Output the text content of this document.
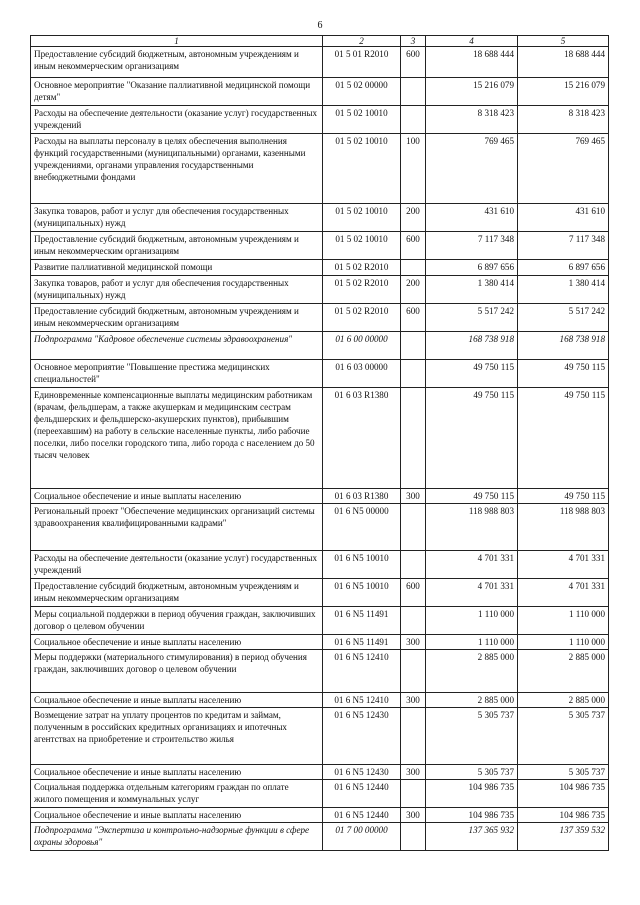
6
1	2	3	4	5
Предоставление субсидий бюджетным, автономным учреждениям и иным некоммерческим организациям	01 5 01 R2010	600	18 688 444	18 688 444
Основное мероприятие "Оказание паллиативной медицинской помощи детям"	01 5 02 00000		15 216 079	15 216 079
Расходы на обеспечение деятельности (оказание услуг) государственных учреждений	01 5 02 10010		8 318 423	8 318 423
Расходы на выплаты персоналу в целях обеспечения выполнения функций государственными (муниципальными) органами, казенными учреждениями, органами управления государственными внебюджетными фондами	01 5 02 10010	100	769 465	769 465
Закупка товаров, работ и услуг для обеспечения государственных (муниципальных) нужд	01 5 02 10010	200	431 610	431 610
Предоставление субсидий бюджетным, автономным учреждениям и иным некоммерческим организациям	01 5 02 10010	600	7 117 348	7 117 348
Развитие паллиативной медицинской помощи	01 5 02 R2010		6 897 656	6 897 656
Закупка товаров, работ и услуг для обеспечения государственных (муниципальных) нужд	01 5 02 R2010	200	1 380 414	1 380 414
Предоставление субсидий бюджетным, автономным учреждениям и иным некоммерческим организациям	01 5 02 R2010	600	5 517 242	5 517 242
Подпрограмма "Кадровое обеспечение системы здравоохранения"	01 6 00 00000		168 738 918	168 738 918
Основное мероприятие "Повышение престижа медицинских специальностей"	01 6 03 00000		49 750 115	49 750 115
Единовременные компенсационные выплаты медицинским работникам (врачам, фельдшерам, а также акушеркам и медицинским сестрам фельдшерских и фельдшерско-акушерских пунктов), прибывшим (переехавшим) на работу в сельские населенные пункты, либо рабочие поселки, либо поселки городского типа, либо города с населением до 50 тысяч человек	01 6 03 R1380		49 750 115	49 750 115
Социальное обеспечение и иные выплаты населению	01 6 03 R1380	300	49 750 115	49 750 115
Региональный проект "Обеспечение медицинских организаций системы здравоохранения квалифицированными кадрами"	01 6 N5 00000		118 988 803	118 988 803
Расходы на обеспечение деятельности (оказание услуг) государственных учреждений	01 6 N5 10010		4 701 331	4 701 331
Предоставление субсидий бюджетным, автономным учреждениям и иным некоммерческим организациям	01 6 N5 10010	600	4 701 331	4 701 331
Меры социальной поддержки в период обучения граждан, заключивших договор о целевом обучении	01 6 N5 11491		1 110 000	1 110 000
Социальное обеспечение и иные выплаты населению	01 6 N5 11491	300	1 110 000	1 110 000
Меры поддержки (материального стимулирования) в период обучения граждан, заключивших договор о целевом обучении	01 6 N5 12410		2 885 000	2 885 000
Социальное обеспечение и иные выплаты населению	01 6 N5 12410	300	2 885 000	2 885 000
Возмещение затрат на уплату процентов по кредитам и займам, полученным в российских кредитных организациях и ипотечных агентствах на приобретение и строительство жилья	01 6 N5 12430		5 305 737	5 305 737
Социальное обеспечение и иные выплаты населению	01 6 N5 12430	300	5 305 737	5 305 737
Социальная поддержка отдельным категориям граждан по оплате жилого помещения и коммунальных услуг	01 6 N5 12440		104 986 735	104 986 735
Социальное обеспечение и иные выплаты населению	01 6 N5 12440	300	104 986 735	104 986 735
Подпрограмма "Экспертиза и контрольно-надзорные функции в сфере охраны здоровья"	01 7 00 00000		137 365 932	137 359 532
